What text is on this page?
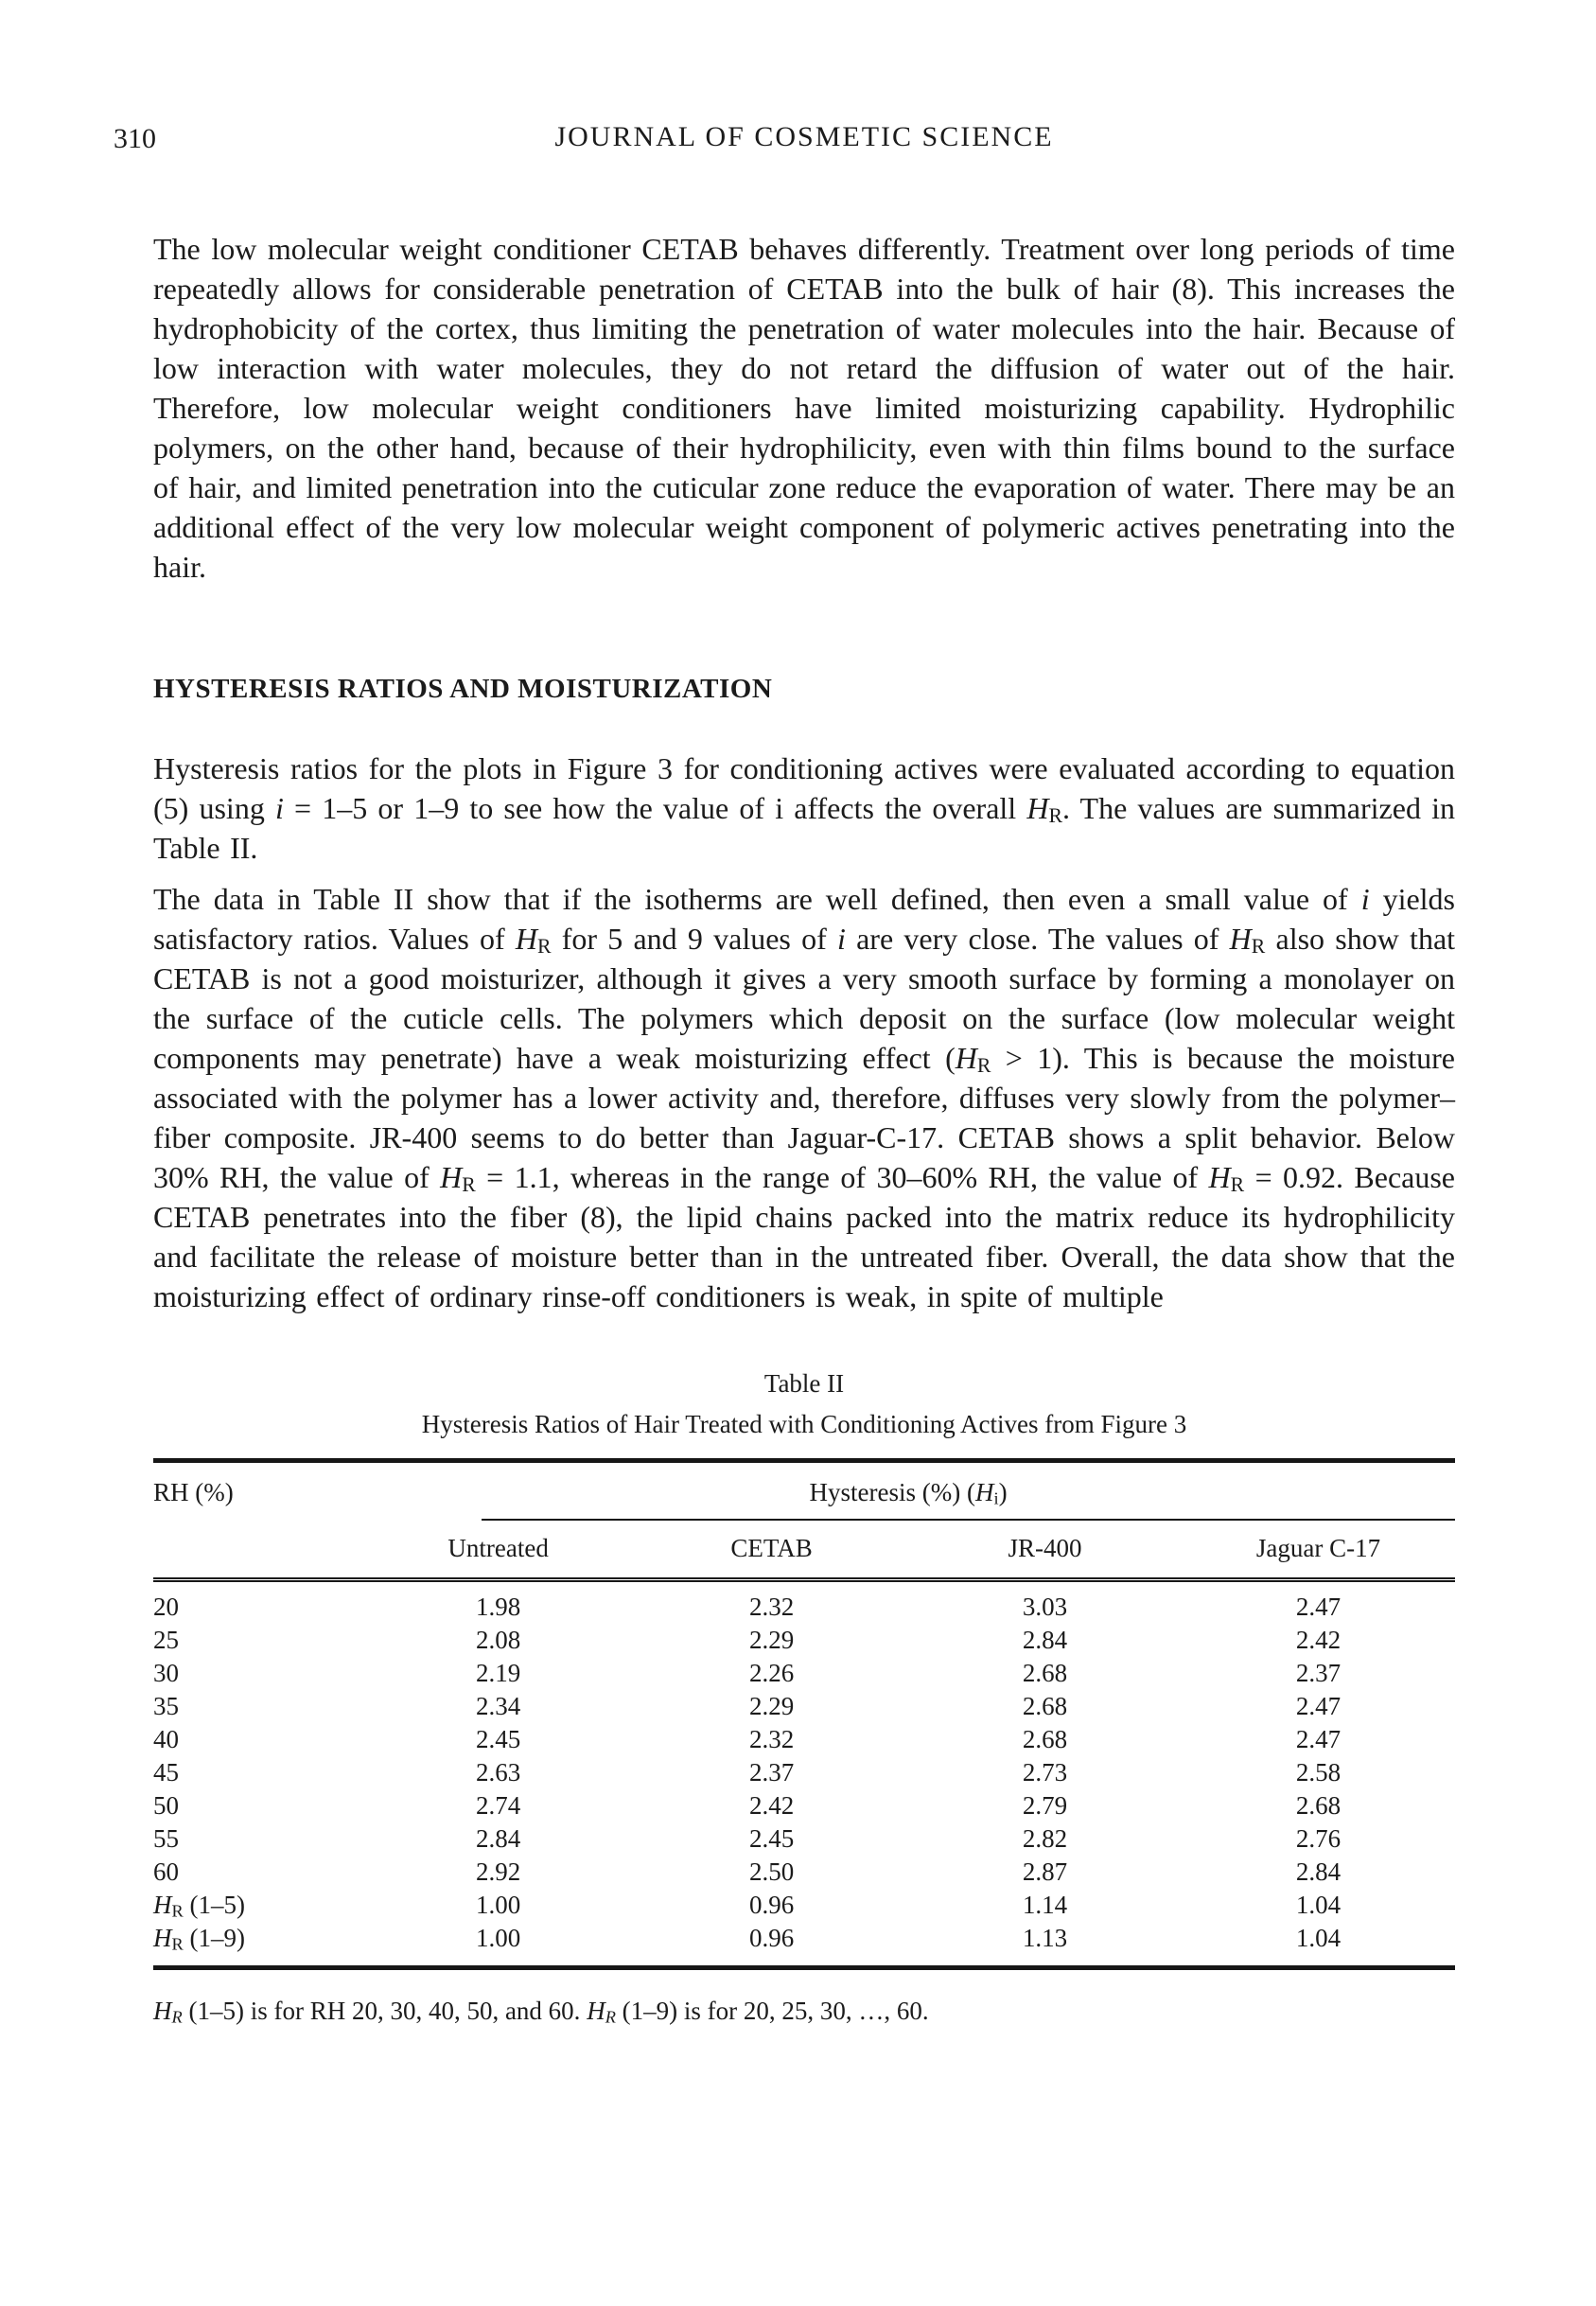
310	JOURNAL OF COSMETIC SCIENCE

The low molecular weight conditioner CETAB behaves differently. Treatment over long periods of time repeatedly allows for considerable penetration of CETAB into the bulk of hair (8). This increases the hydrophobicity of the cortex, thus limiting the penetration of water molecules into the hair. Because of low interaction with water molecules, they do not retard the diffusion of water out of the hair. Therefore, low molecular weight conditioners have limited moisturizing capability. Hydrophilic polymers, on the other hand, because of their hydrophilicity, even with thin films bound to the surface of hair, and limited penetration into the cuticular zone reduce the evaporation of water. There may be an additional effect of the very low molecular weight component of polymeric actives penetrating into the hair.

HYSTERESIS RATIOS AND MOISTURIZATION

Hysteresis ratios for the plots in Figure 3 for conditioning actives were evaluated according to equation (5) using i = 1–5 or 1–9 to see how the value of i affects the overall $H_R$. The values are summarized in Table II.

The data in Table II show that if the isotherms are well defined, then even a small value of i yields satisfactory ratios. Values of $H_R$ for 5 and 9 values of i are very close. The values of $H_R$ also show that CETAB is not a good moisturizer, although it gives a very smooth surface by forming a monolayer on the surface of the cuticle cells. The polymers which deposit on the surface (low molecular weight components may penetrate) have a weak moisturizing effect $(H_R > 1)$. This is because the moisture associated with the polymer has a lower activity and, therefore, diffuses very slowly from the polymer–fiber composite. JR-400 seems to do better than Jaguar-C-17. CETAB shows a split behavior. Below 30% RH, the value of $H_R = 1.1$, whereas in the range of 30–60% RH, the value of $H_R = 0.92$. Because CETAB penetrates into the fiber (8), the lipid chains packed into the matrix reduce its hydrophilicity and facilitate the release of moisture better than in the untreated fiber. Overall, the data show that the moisturizing effect of ordinary rinse-off conditioners is weak, in spite of multiple

Table II
Hysteresis Ratios of Hair Treated with Conditioning Actives from Figure 3
RH (%)	Hysteresis (%) $(H_i)$			
	Untreated	CETAB	JR-400	Jaguar C-17
20	1.98	2.32	3.03	2.47
25	2.08	2.29	2.84	2.42
30	2.19	2.26	2.68	2.37
35	2.34	2.29	2.68	2.47
40	2.45	2.32	2.68	2.47
45	2.63	2.37	2.73	2.58
50	2.74	2.42	2.79	2.68
55	2.84	2.45	2.82	2.76
60	2.92	2.50	2.87	2.84
$H_R$ (1–5)	1.00	0.96	1.14	1.04
$H_R$ (1–9)	1.00	0.96	1.13	1.04
$H_R$ (1–5) is for RH 20, 30, 40, 50, and 60. $H_R$ (1–9) is for 20, 25, 30, …, 60.
